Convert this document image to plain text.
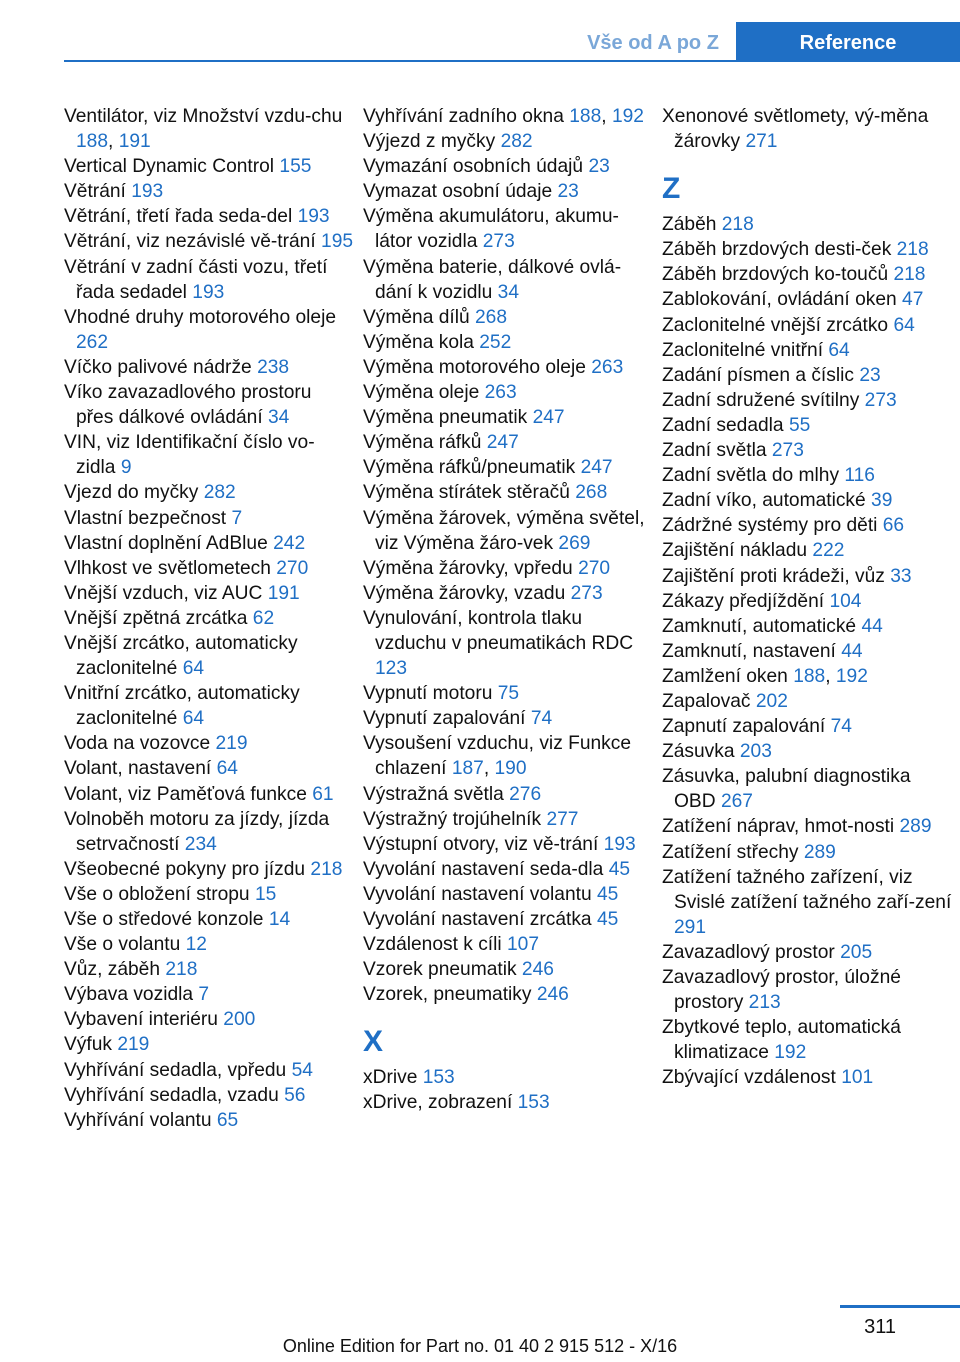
Vše od A po Z	Reference
Ventilátor, viz Množství vzdu-chu 188, 191
Vertical Dynamic Control 155
Větrání 193
Větrání, třetí řada seda-del 193
Větrání, viz nezávislé vě-trání 195
Větrání v zadní části vozu, třetí řada sedadel 193
Vhodné druhy motorového oleje 262
Víčko palivové nádrže 238
Víko zavazadlového prostoru přes dálkové ovládání 34
VIN, viz Identifikační číslo vo-zidla 9
Vjezd do myčky 282
Vlastní bezpečnost 7
Vlastní doplnění AdBlue 242
Vlhkost ve světlometech 270
Vnější vzduch, viz AUC 191
Vnější zpětná zrcátka 62
Vnější zrcátko, automaticky zaclonitelné 64
Vnitřní zrcátko, automaticky zaclonitelné 64
Voda na vozovce 219
Volant, nastavení 64
Volant, viz Paměťová funkce 61
Volnoběh motoru za jízdy, jízda setrvačností 234
Všeobecné pokyny pro jízdu 218
Vše o obložení stropu 15
Vše o středové konzole 14
Vše o volantu 12
Vůz, záběh 218
Výbava vozidla 7
Vybavení interiéru 200
Výfuk 219
Vyhřívání sedadla, vpředu 54
Vyhřívání sedadla, vzadu 56
Vyhřívání volantu 65
Vyhřívání zadního okna 188, 192
Výjezd z myčky 282
Vymazání osobních údajů 23
Vymazat osobní údaje 23
Výměna akumulátoru, akumu-látor vozidla 273
Výměna baterie, dálkové ovlá-dání k vozidlu 34
Výměna dílů 268
Výměna kola 252
Výměna motorového oleje 263
Výměna oleje 263
Výměna pneumatik 247
Výměna ráfků 247
Výměna ráfků/pneumatik 247
Výměna stírátek stěračů 268
Výměna žárovek, výměna světel, viz Výměna žáro-vek 269
Výměna žárovky, vpředu 270
Výměna žárovky, vzadu 273
Vynulování, kontrola tlaku vzduchu v pneumatikách RDC 123
Vypnutí motoru 75
Vypnutí zapalování 74
Vysoušení vzduchu, viz Funkce chlazení 187, 190
Výstražná světla 276
Výstražný trojúhelník 277
Výstupní otvory, viz vě-trání 193
Vyvolání nastavení seda-dla 45
Vyvolání nastavení volantu 45
Vyvolání nastavení zrcátka 45
Vzdálenost k cíli 107
Vzorek pneumatik 246
Vzorek, pneumatiky 246
X
xDrive 153
xDrive, zobrazení 153
Xenonové světlomety, vý-měna žárovky 271
Z
Záběh 218
Záběh brzdových desti-ček 218
Záběh brzdových ko-toučů 218
Zablokování, ovládání oken 47
Zaclonitelné vnější zrcátko 64
Zaclonitelné vnitřní 64
Zadání písmen a číslic 23
Zadní sdružené svítilny 273
Zadní sedadla 55
Zadní světla 273
Zadní světla do mlhy 116
Zadní víko, automatické 39
Zádržné systémy pro děti 66
Zajištění nákladu 222
Zajištění proti krádeži, vůz 33
Zákazy předjíždění 104
Zamknutí, automatické 44
Zamknutí, nastavení 44
Zamlžení oken 188, 192
Zapalovač 202
Zapnutí zapalování 74
Zásuvka 203
Zásuvka, palubní diagnostika OBD 267
Zatížení náprav, hmot-nosti 289
Zatížení střechy 289
Zatížení tažného zařízení, viz Svislé zatížení tažného zaří-zení 291
Zavazadlový prostor 205
Zavazadlový prostor, úložné prostory 213
Zbytkové teplo, automatická klimatizace 192
Zbývající vzdálenost 101
311
Online Edition for Part no. 01 40 2 915 512 - X/16
